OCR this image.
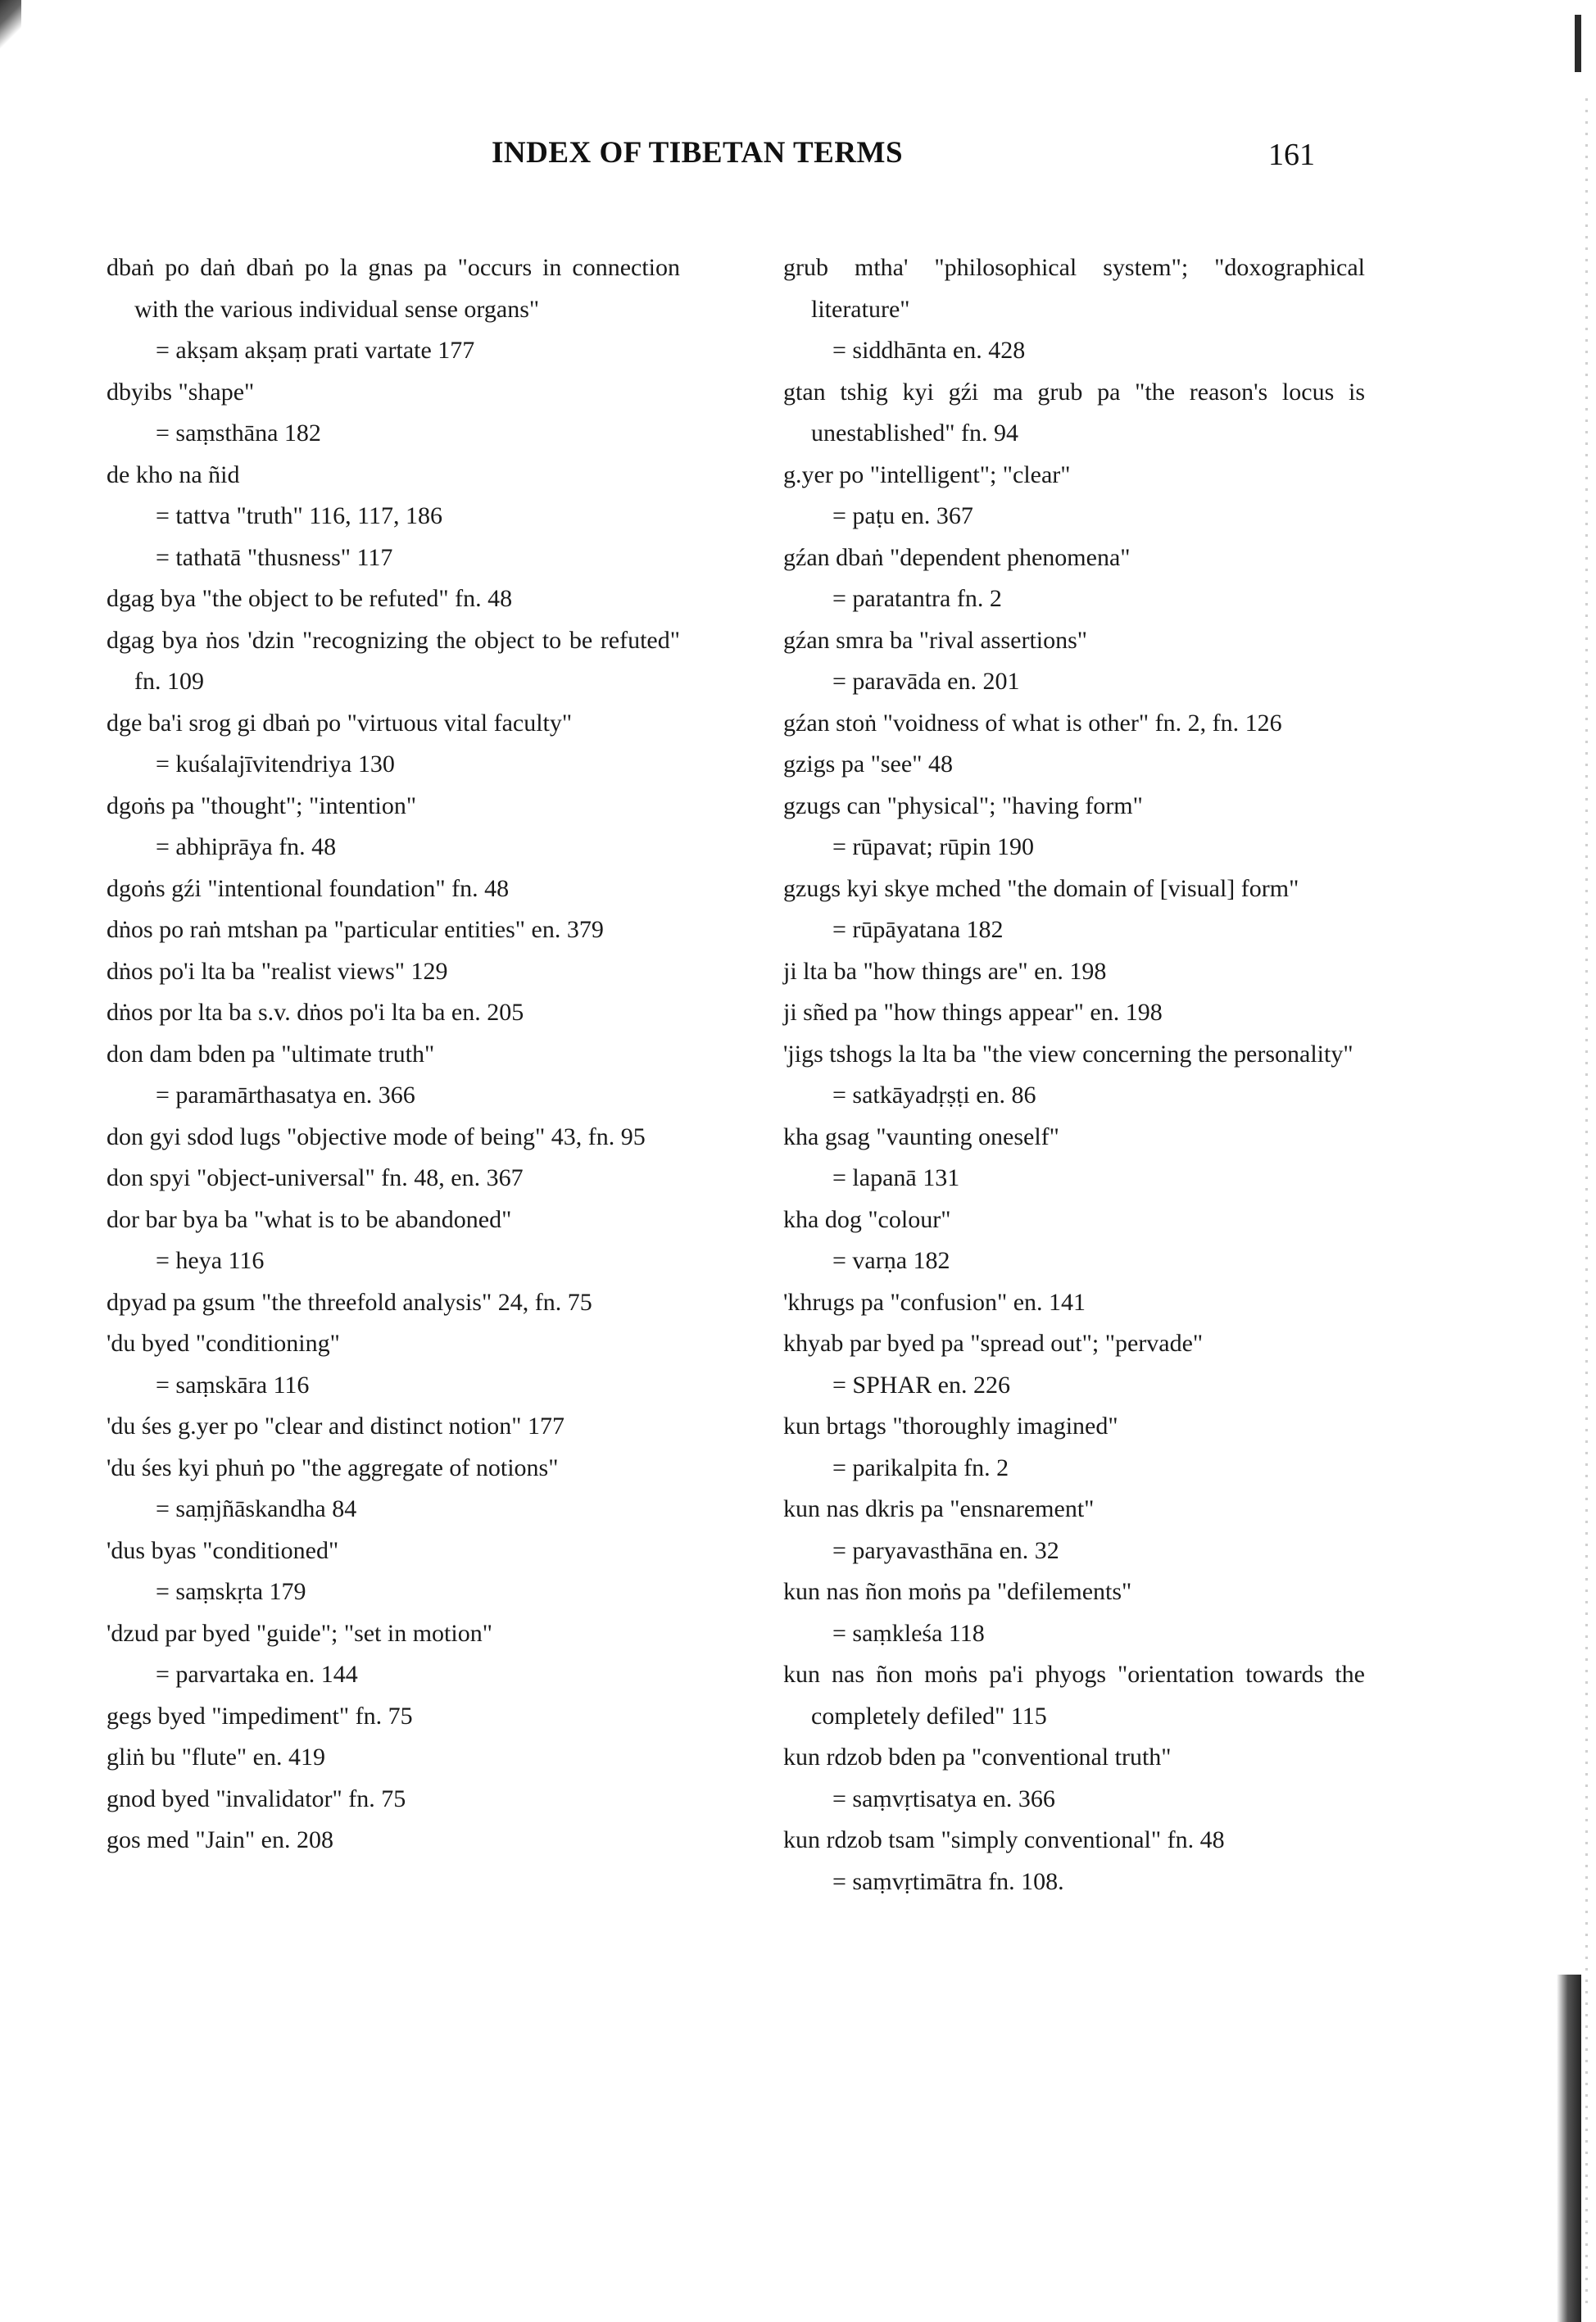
INDEX OF TIBETAN TERMS	161

dbaṅ po daṅ dbaṅ po la gnas pa "occurs in connection with the various individual sense organs"

= akṣam akṣaṃ prati vartate 177

dbyibs "shape"

= saṃsthāna 182

de kho na ñid

= tattva "truth" 116, 117, 186

= tathatā "thusness" 117

dgag bya "the object to be refuted" fn. 48

dgag bya ṅos 'dzin "recognizing the object to be refuted" fn. 109

dge ba'i srog gi dbaṅ po "virtuous vital faculty"

= kuśalajīvitendriya 130

dgoṅs pa "thought"; "intention"

= abhiprāya fn. 48

dgoṅs gźi "intentional foundation" fn. 48

dṅos po raṅ mtshan pa "particular entities" en. 379

dṅos po'i lta ba "realist views" 129

dṅos por lta ba s.v. dṅos po'i lta ba en. 205

don dam bden pa "ultimate truth"

= paramārthasatya en. 366

don gyi sdod lugs "objective mode of being" 43, fn. 95

don spyi "object-universal" fn. 48, en. 367

dor bar bya ba "what is to be abandoned"

= heya 116

dpyad pa gsum "the threefold analysis" 24, fn. 75

'du byed "conditioning"

= saṃskāra 116

'du śes g.yer po "clear and distinct notion" 177

'du śes kyi phuṅ po "the aggregate of notions"

= saṃjñāskandha 84

'dus byas "conditioned"

= saṃskṛta 179

'dzud par byed "guide"; "set in motion"

= parvartaka en. 144

gegs byed "impediment" fn. 75

gliṅ bu "flute" en. 419

gnod byed "invalidator" fn. 75

gos med "Jain" en. 208

grub mtha' "philosophical system"; "doxographical literature"

= siddhānta en. 428

gtan tshig kyi gźi ma grub pa "the reason's locus is unestablished" fn. 94

g.yer po "intelligent"; "clear"

= paṭu en. 367

gźan dbaṅ "dependent phenomena"

= paratantra fn. 2

gźan smra ba "rival assertions"

= paravāda en. 201

gźan stoṅ "voidness of what is other" fn. 2, fn. 126

gzigs pa "see" 48

gzugs can "physical"; "having form"

= rūpavat; rūpin 190

gzugs kyi skye mched "the domain of [visual] form"

= rūpāyatana 182

ji lta ba "how things are" en. 198

ji sñed pa "how things appear" en. 198

'jigs tshogs la lta ba "the view concerning the personality"

= satkāyadṛṣṭi en. 86

kha gsag "vaunting oneself"

= lapanā 131

kha dog "colour"

= varṇa 182

'khrugs pa "confusion" en. 141

khyab par byed pa "spread out"; "pervade"

= SPHAR en. 226

kun brtags "thoroughly imagined"

= parikalpita fn. 2

kun nas dkris pa "ensnarement"

= paryavasthāna en. 32

kun nas ñon moṅs pa "defilements"

= saṃkleśa 118

kun nas ñon moṅs pa'i phyogs "orientation towards the completely defiled" 115

kun rdzob bden pa "conventional truth"

= saṃvṛtisatya en. 366

kun rdzob tsam "simply conventional" fn. 48

= saṃvṛtimātra fn. 108.
